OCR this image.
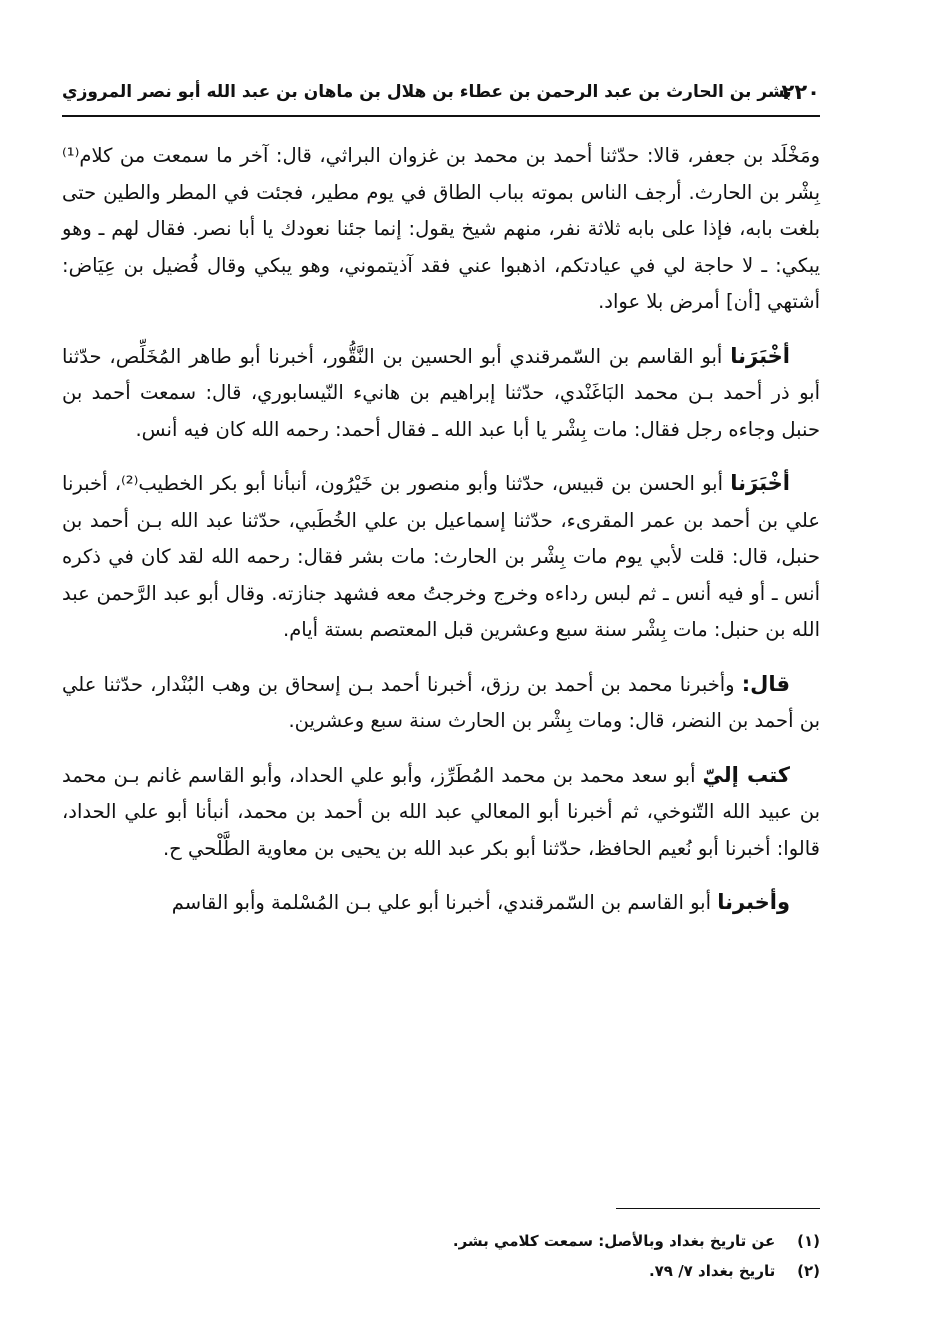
٢٢٠
بشر بن الحارث بن عبد الرحمن بن عطاء بن هلال بن ماهان بن عبد الله أبو نصر المروزي

ومَخْلَد بن جعفر، قالا: حدّثنا أحمد بن محمد بن غزوان البراثي، قال: آخر ما سمعت من كلام⁽¹⁾ بِشْر بن الحارث. أرجف الناس بموته بباب الطاق في يوم مطير، فجئت في المطر والطين حتى بلغت بابه، فإذا على بابه ثلاثة نفر، منهم شيخ يقول: إنما جئنا نعودك يا أبا نصر. فقال لهم ـ وهو يبكي: ـ لا حاجة لي في عيادتكم، اذهبوا عني فقد آذيتموني، وهو يبكي وقال فُضيل بن عِيَاض: أشتهي [أن] أمرض بلا عواد.

أخْبَرَنا أبو القاسم بن السّمرقندي أبو الحسين بن النَّقُّور، أخبرنا أبو طاهر المُخَلِّص، حدّثنا أبو ذر أحمد بـن محمد البَاغَنْدي، حدّثنا إبراهيم بن هانيء النّيسابوري، قال: سمعت أحمد بن حنبل وجاءه رجل فقال: مات بِشْر يا أبا عبد الله ـ فقال أحمد: رحمه الله كان فيه أنس.

أخْبَرَنا أبو الحسن بن قبيس، حدّثنا وأبو منصور بن خَيْرُون، أنبأنا أبو بكر الخطيب⁽²⁾، أخبرنا علي بن أحمد بن عمر المقرىء، حدّثنا إسماعيل بن علي الخُطَبي، حدّثنا عبد الله بـن أحمد بن حنبل، قال: قلت لأبي يوم مات بِشْر بن الحارث: مات بشر فقال: رحمه الله لقد كان في ذكره أنس ـ أو فيه أنس ـ ثم لبس رداءه وخرج وخرجتُ معه فشهد جنازته. وقال أبو عبد الرَّحمن عبد الله بن حنبل: مات بِشْر سنة سبع وعشرين قبل المعتصم بستة أيام.

قال: وأخبرنا محمد بن أحمد بن رزق، أخبرنا أحمد بـن إسحاق بن وهب البُنْدار، حدّثنا علي بن أحمد بن النضر، قال: ومات بِشْر بن الحارث سنة سبع وعشرين.

كتب إليّ أبو سعد محمد بن محمد المُطَرِّز، وأبو علي الحداد، وأبو القاسم غانم بـن محمد بن عبيد الله التّنوخي، ثم أخبرنا أبو المعالي عبد الله بن أحمد بن محمد، أنبأنا أبو علي الحداد، قالوا: أخبرنا أبو نُعيم الحافظ، حدّثنا أبو بكر عبد الله بن يحيى بن معاوية الطَّلْحي ح.

وأخبرنا أبو القاسم بن السّمرقندي، أخبرنا أبو علي بـن المُسْلمة وأبو القاسم

(١) عن تاريخ بغداد وبالأصل: سمعت كلامي بشر.
(٢) تاريخ بغداد ٧/ ٧٩.
